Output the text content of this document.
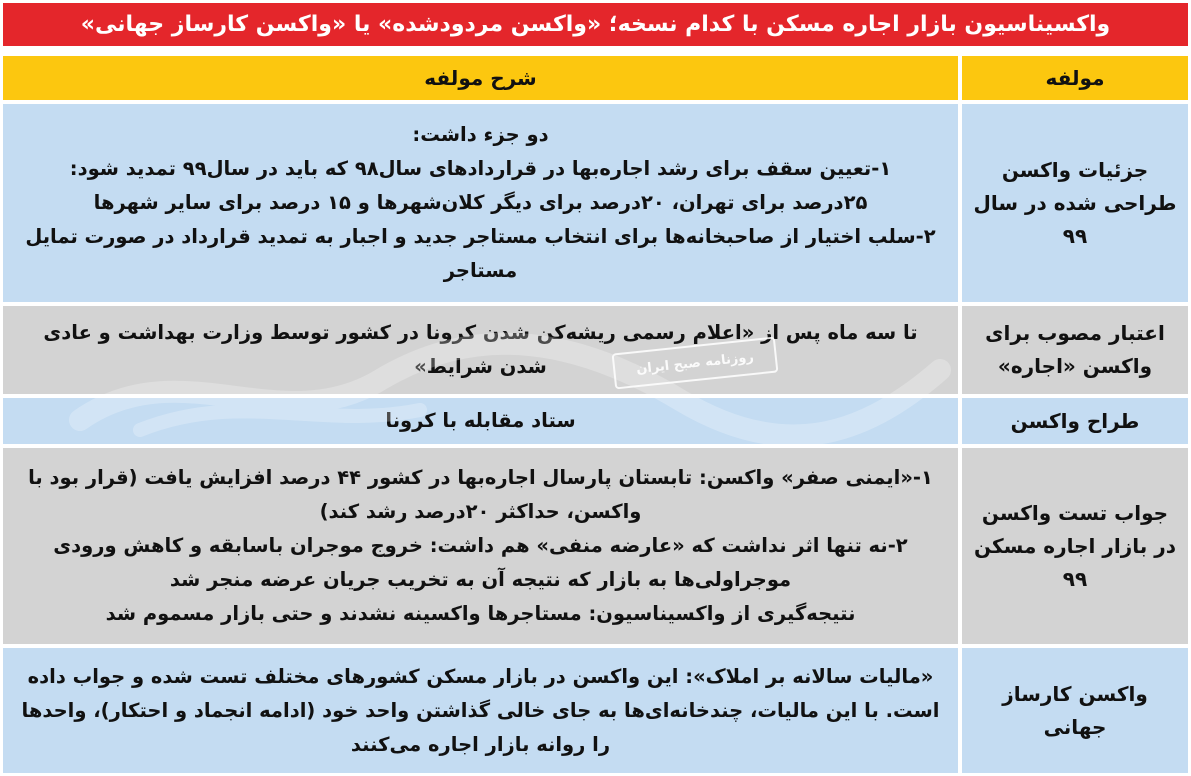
واکسیناسیون بازار اجاره مسکن با کدام نسخه؛ «واکسن مردودشده» یا «واکسن کارساز جهانی»
شرح مولفه	مولفه

دو جزء داشت:

۱-تعیین سقف برای رشد اجاره‌بها در قراردادهای سال۹۸ که باید در سال۹۹ تمدید شود:

۲۵درصد برای تهران، ۲۰درصد برای دیگر کلان‌شهرها و ۱۵ درصد برای سایر شهرها

۲-سلب اختیار از صاحبخانه‌ها برای انتخاب مستاجر جدید و اجبار به تمدید قرارداد در صورت تمایل مستاجر

جزئیات واکسن طراحی شده در سال ۹۹

تا سه ماه پس از «اعلام رسمی ریشه‌کن شدن کرونا در کشور توسط وزارت بهداشت و عادی شدن شرایط»

اعتبار مصوب برای واکسن «اجاره»

ستاد مقابله با کرونا	طراح واکسن

۱-«ایمنی صفر» واکسن: تابستان پارسال اجاره‌بها در کشور ۴۴ درصد افزایش یافت (قرار بود با واکسن، حداکثر ۲۰درصد رشد کند)

۲-نه تنها اثر نداشت که «عارضه منفی» هم داشت: خروج موجران باسابقه و کاهش ورودی موجراولی‌ها به بازار که نتیجه آن به تخریب جریان عرضه منجر شد

نتیجه‌گیری از واکسیناسیون: مستاجرها واکسینه نشدند و حتی بازار مسموم شد

جواب تست واکسن در بازار اجاره مسکن ۹۹

«مالیات سالانه بر املاک»: این واکسن در بازار مسکن کشورهای مختلف تست شده و جواب داده است. با این مالیات، چندخانه‌ای‌ها به جای خالی گذاشتن واحد خود (ادامه انجماد و احتکار)، واحدها را روانه بازار اجاره می‌کنند

واکسن کارساز جهانی
روزنامه صبح ایران
